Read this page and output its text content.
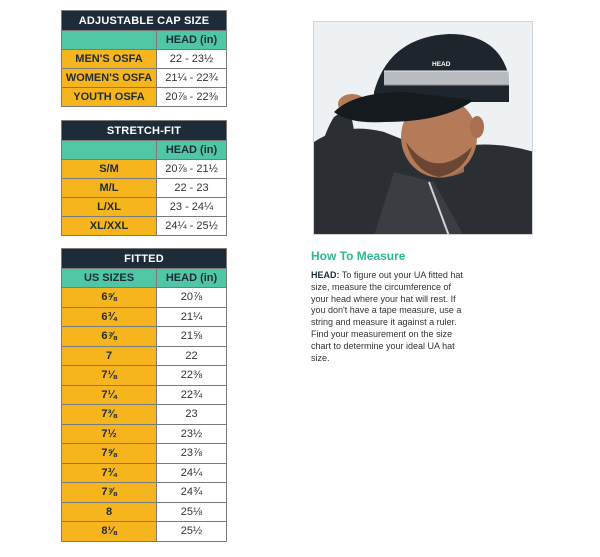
ADJUSTABLE CAP SIZE	
	HEAD (in)
MEN'S OSFA	22 - 23½
WOMEN'S OSFA	21¼ - 22¾
YOUTH OSFA	20⅞ - 22⅜
STRETCH-FIT	
	HEAD (in)
S/M	20⅞ - 21½
M/L	22 - 23
L/XL	23 - 24¼
XL/XXL	24¼ - 25½
FITTED	
US SIZES	HEAD (in)
6⅝	20⅞
6¾	21¼
6⅞	21⅝
7	22
7⅛	22⅜
7¼	22¾
7⅜	23
7½	23½
7⅝	23⅞
7¾	24¼
7⅞	24¾
8	25⅛
8⅛	25½
HEAD
How To Measure
HEAD: To figure out your UA fitted hat size, measure the circumference of your head where your hat will rest. If you don't have a tape measure, use a string and measure it against a ruler. Find your measurement on the size chart to determine your ideal UA hat size.
